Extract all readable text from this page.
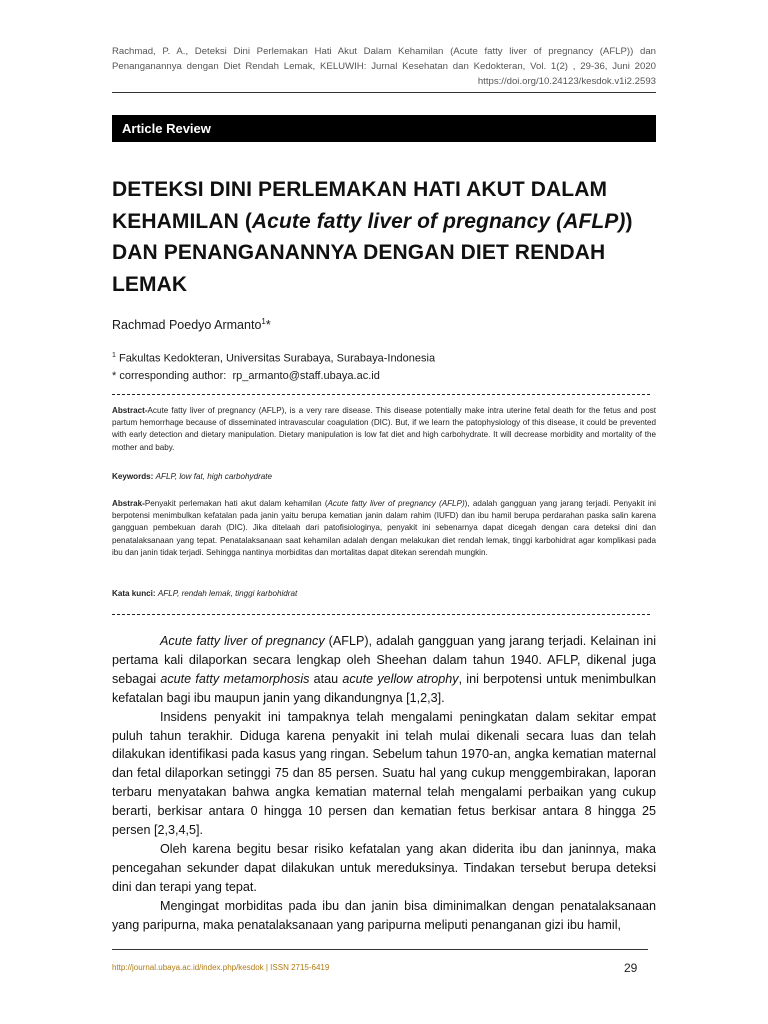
Rachmad, P. A., Deteksi Dini Perlemakan Hati Akut Dalam Kehamilan (Acute fatty liver of pregnancy (AFLP)) dan
Penanganannya dengan Diet Rendah Lemak, KELUWIH: Jurnal Kesehatan dan Kedokteran, Vol. 1(2) , 29-36, Juni 2020
https://doi.org/10.24123/kesdok.v1i2.2593
Article Review
DETEKSI DINI PERLEMAKAN HATI AKUT DALAM KEHAMILAN (Acute fatty liver of pregnancy (AFLP)) DAN PENANGANANNYA DENGAN DIET RENDAH LEMAK
Rachmad Poedyo Armanto$^1$*
$^1$ Fakultas Kedokteran, Universitas Surabaya, Surabaya-Indonesia
* corresponding author: rp_armanto@staff.ubaya.ac.id
Abstract-Acute fatty liver of pregnancy (AFLP), is a very rare disease. This disease potentially make intra uterine fetal death for the fetus and post partum hemorrhage because of disseminated intravascular coagulation (DIC). But, if we learn the patophysiology of this disease, it could be prevented with early detection and dietary manipulation. Dietary manipulation is low fat diet and high carbohydrate. It will decrease morbidity and mortality of the mother and baby.
Keywords: AFLP, low fat, high carbohydrate
Abstrak-Penyakit perlemakan hati akut dalam kehamilan (Acute fatty liver of pregnancy (AFLP)), adalah gangguan yang jarang terjadi. Penyakit ini berpotensi menimbulkan kefatalan pada janin yaitu berupa kematian janin dalam rahim (IUFD) dan ibu hamil berupa perdarahan paska salin karena gangguan pembekuan darah (DIC). Jika ditelaah dari patofisiologinya, penyakit ini sebenarnya dapat dicegah dengan cara deteksi dini dan penatalaksanaan yang tepat. Penatalaksanaan saat kehamilan adalah dengan melakukan diet rendah lemak, tinggi karbohidrat agar komplikasi pada ibu dan janin tidak terjadi. Sehingga nantinya morbiditas dan mortalitas dapat ditekan serendah mungkin.
Kata kunci: AFLP, rendah lemak, tinggi karbohidrat

Acute fatty liver of pregnancy (AFLP), adalah gangguan yang jarang terjadi. Kelainan ini pertama kali dilaporkan secara lengkap oleh Sheehan dalam tahun 1940. AFLP, dikenal juga sebagai acute fatty metamorphosis atau acute yellow atrophy, ini berpotensi untuk menimbulkan kefatalan bagi ibu maupun janin yang dikandungnya [1,2,3].

Insidens penyakit ini tampaknya telah mengalami peningkatan dalam sekitar empat puluh tahun terakhir. Diduga karena penyakit ini telah mulai dikenali secara luas dan telah dilakukan identifikasi pada kasus yang ringan. Sebelum tahun 1970-an, angka kematian maternal dan fetal dilaporkan setinggi 75 dan 85 persen. Suatu hal yang cukup menggembirakan, laporan terbaru menyatakan bahwa angka kematian maternal telah mengalami perbaikan yang cukup berarti, berkisar antara 0 hingga 10 persen dan kematian fetus berkisar antara 8 hingga 25 persen [2,3,4,5].

Oleh karena begitu besar risiko kefatalan yang akan diderita ibu dan janinnya, maka pencegahan sekunder dapat dilakukan untuk mereduksinya. Tindakan tersebut berupa deteksi dini dan terapi yang tepat.

Mengingat morbiditas pada ibu dan janin bisa diminimalkan dengan penatalaksanaan yang paripurna, maka penatalaksanaan yang paripurna meliputi penanganan gizi ibu hamil,

http://journal.ubaya.ac.id/index.php/kesdok | ISSN 2715-6419	29
